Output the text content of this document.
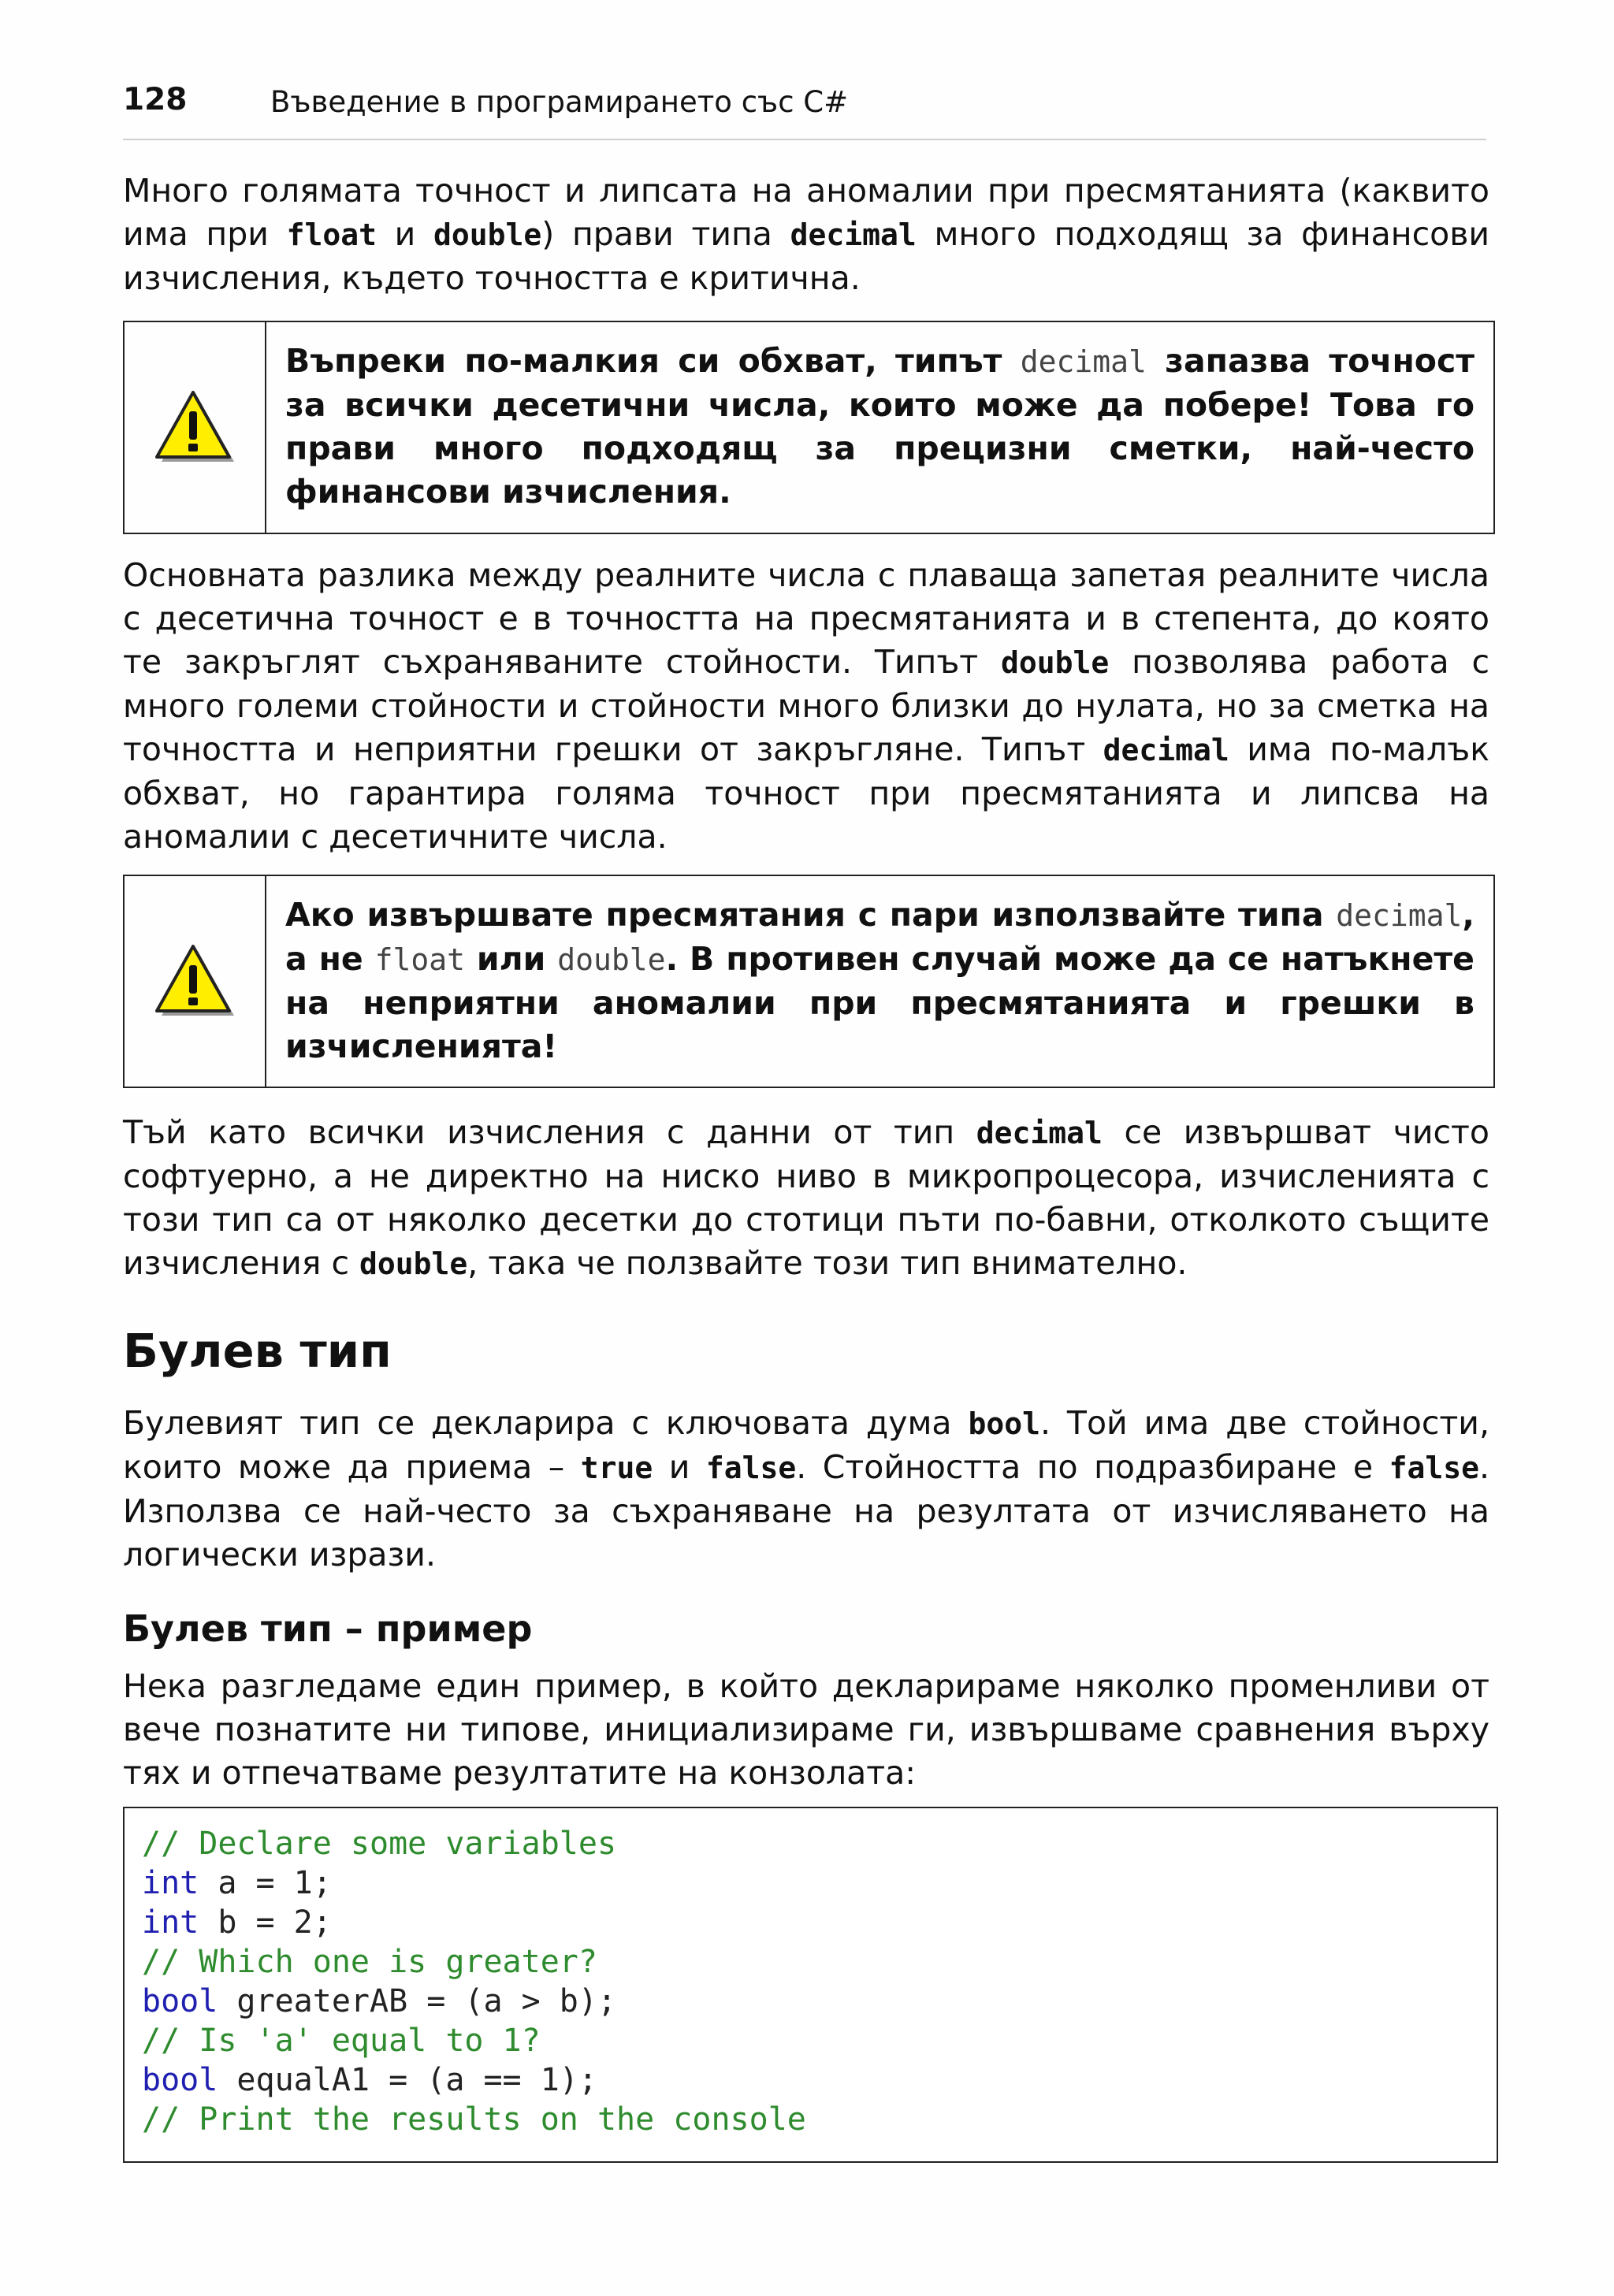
128	Въведение в програмирането със C#

Много голямата точност и липсата на аномалии при пресмятанията (каквито има при float и double) прави типа decimal много подходящ за финансови изчисления, където точността е критична.

Въпреки по-малкия си обхват, типът decimal запазва точност за всички десетични числа, които може да побере! Това го прави много подходящ за прецизни сметки, най-често финансови изчисления.

Основната разлика между реалните числа с плаваща запетая реалните числа с десетична точност е в точността на пресмятанията и в степента, до която те закръглят съхраняваните стойности. Типът double позволява работа с много големи стойности и стойности много близки до нулата, но за сметка на точността и неприятни грешки от закръгляне. Типът decimal има по-малък обхват, но гарантира голяма точност при пресмятанията и липсва на аномалии с десетичните числа.

Ако извършвате пресмятания с пари използвайте типа decimal, а не float или double. В противен случай може да се натъкнете на неприятни аномалии при пресмятанията и грешки в изчисленията!

Тъй като всички изчисления с данни от тип decimal се извършват чисто софтуерно, а не директно на ниско ниво в микропроцесора, изчисленията с този тип са от няколко десетки до стотици пъти по-бавни, отколкото същите изчисления с double, така че ползвайте този тип внимателно.

Булев тип

Булевият тип се декларира с ключовата дума bool. Той има две стойности, които може да приема – true и false. Стойността по подразбиране е false. Използва се най-често за съхраняване на резултата от изчисляването на логически изрази.

Булев тип – пример

Нека разгледаме един пример, в който декларираме няколко променливи от вече познатите ни типове, инициализираме ги, извършваме сравнения върху тях и отпечатваме резултатите на конзолата:

// Declare some variables
int a = 1;
int b = 2;
// Which one is greater?
bool greaterAB = (a > b);
// Is 'a' equal to 1?
bool equalA1 = (a == 1);
// Print the results on the console
